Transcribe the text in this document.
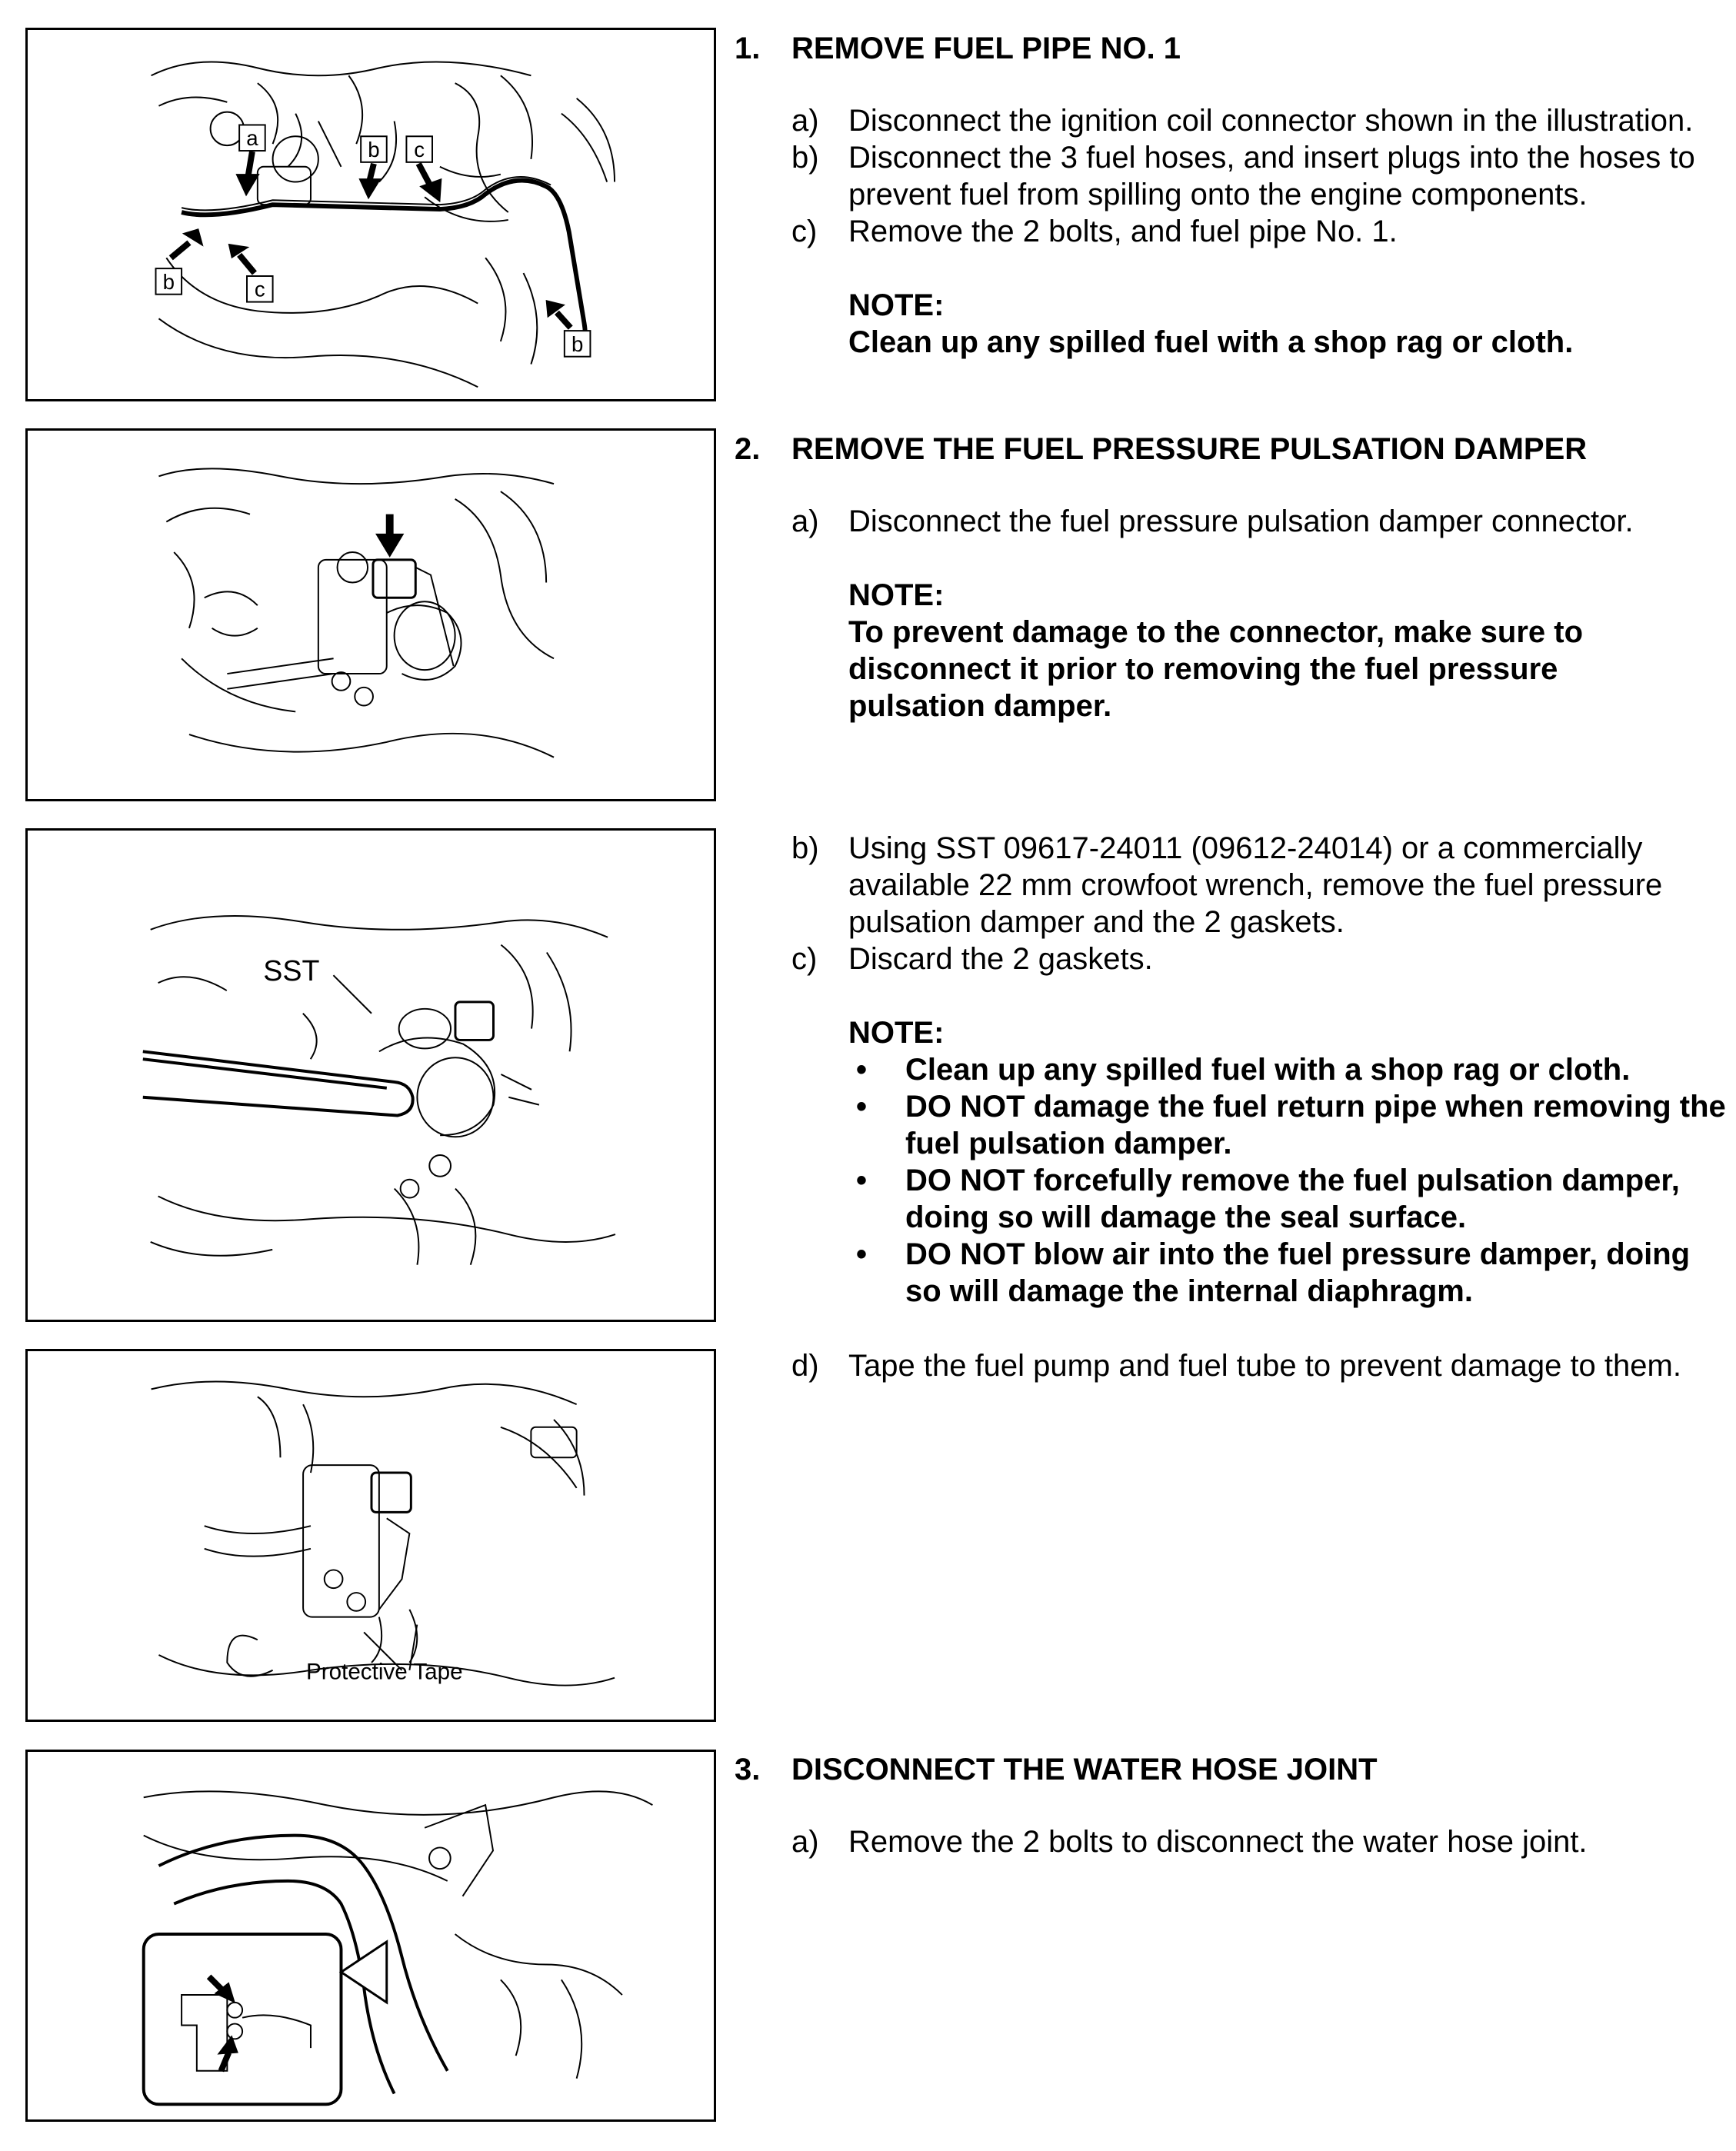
a	b c
b	c
b
SST
Protective Tape
1. REMOVE FUEL PIPE NO. 1
a) Disconnect the ignition coil connector shown in the illustration.
b) Disconnect the 3 fuel hoses, and insert plugs into the hoses to prevent fuel from spilling onto the engine components.
c) Remove the 2 bolts, and fuel pipe No. 1.
NOTE:
Clean up any spilled fuel with a shop rag or cloth.
2. REMOVE THE FUEL PRESSURE PULSATION DAMPER
a) Disconnect the fuel pressure pulsation damper connector.
NOTE:
To prevent damage to the connector, make sure to disconnect it prior to removing the fuel pressure pulsation damper.
b) Using SST 09617-24011 (09612-24014) or a commercially available 22 mm crowfoot wrench, remove the fuel pressure pulsation damper and the 2 gaskets.
c) Discard the 2 gaskets.
NOTE:
• Clean up any spilled fuel with a shop rag or cloth.
• DO NOT damage the fuel return pipe when removing the fuel pulsation damper.
• DO NOT forcefully remove the fuel pulsation damper, doing so will damage the seal surface.
• DO NOT blow air into the fuel pressure damper, doing so will damage the internal diaphragm.
d) Tape the fuel pump and fuel tube to prevent damage to them.
3. DISCONNECT THE WATER HOSE JOINT
a) Remove the 2 bolts to disconnect the water hose joint.
